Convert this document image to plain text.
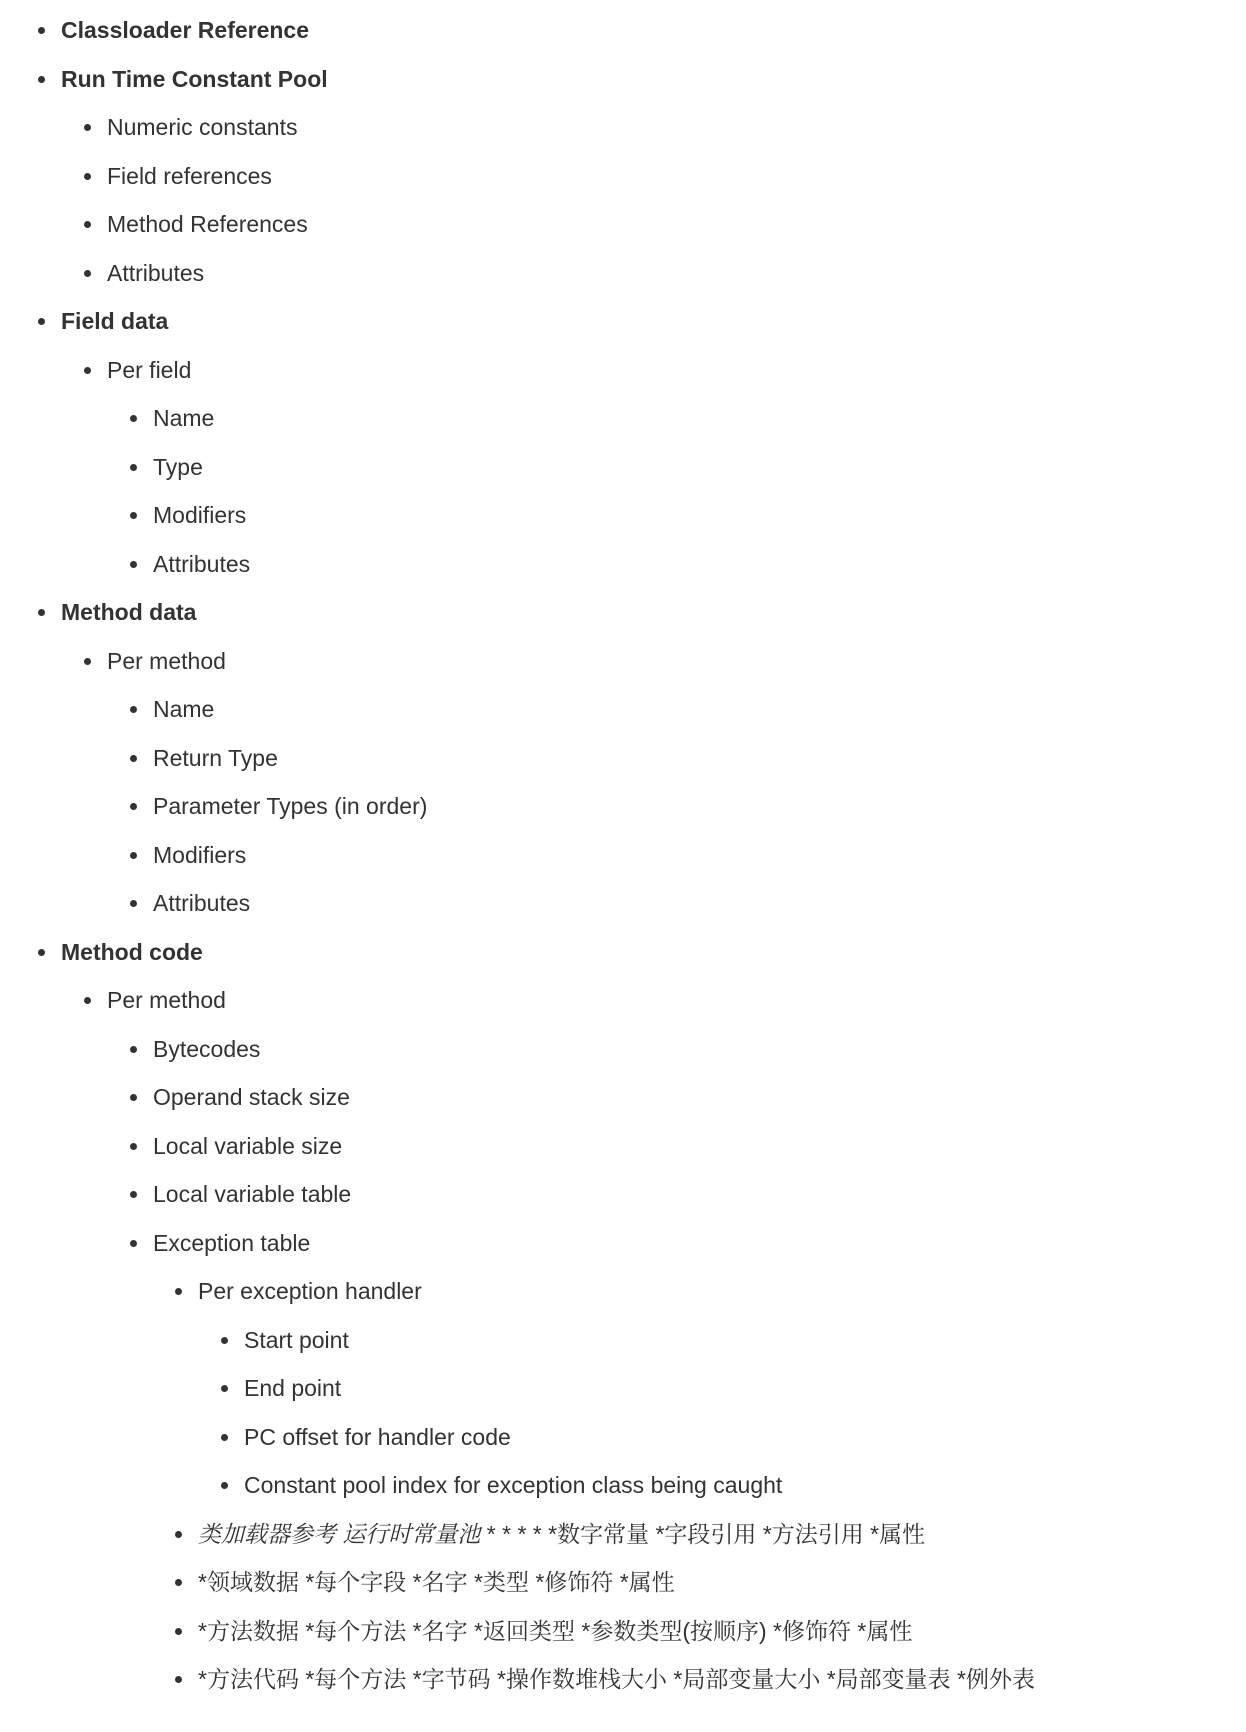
Classloader Reference
Run Time Constant Pool
Numeric constants
Field references
Method References
Attributes
Field data
Per field
Name
Type
Modifiers
Attributes
Method data
Per method
Name
Return Type
Parameter Types (in order)
Modifiers
Attributes
Method code
Per method
Bytecodes
Operand stack size
Local variable size
Local variable table
Exception table
Per exception handler
Start point
End point
PC offset for handler code
Constant pool index for exception class being caught
类加载器参考 运行时常量池 * * * * *数字常量 *字段引用 *方法引用 *属性
*领域数据 *每个字段 *名字 *类型 *修饰符 *属性
*方法数据 *每个方法 *名字 *返回类型 *参数类型(按顺序) *修饰符 *属性
*方法代码 *每个方法 *字节码 *操作数堆栈大小 *局部变量大小 *局部变量表 *例外表
